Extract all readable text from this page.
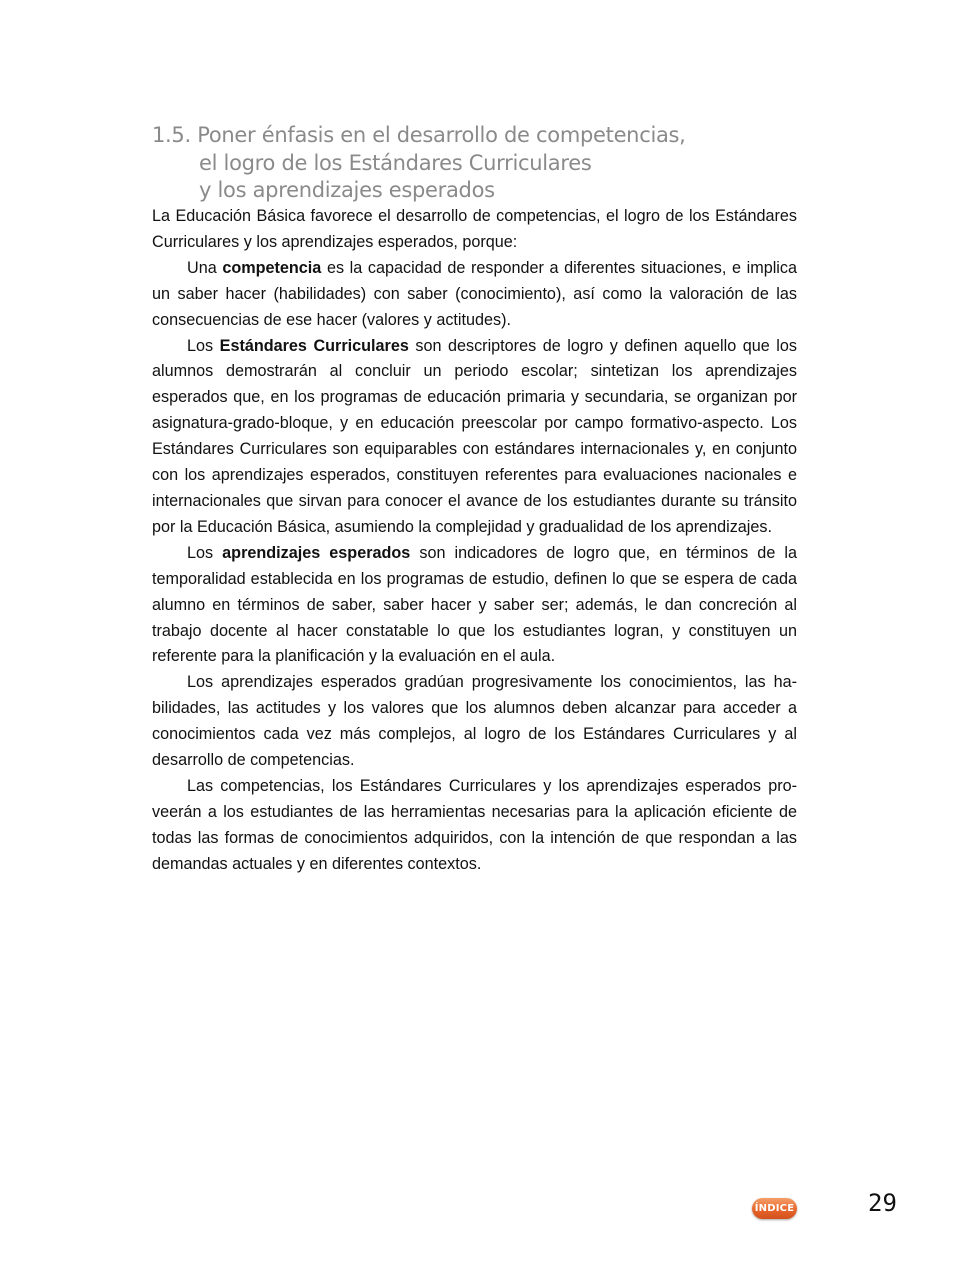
1.5. Poner énfasis en el desarrollo de competencias,
el logro de los Estándares Curriculares
y los aprendizajes esperados

La Educación Básica favorece el desarrollo de competencias, el logro de los Estándares Curriculares y los aprendizajes esperados, porque:

Una competencia es la capacidad de responder a diferentes situaciones, e implica un saber hacer (habilidades) con saber (conocimiento), así como la valoración de las consecuencias de ese hacer (valores y actitudes).

Los Estándares Curriculares son descriptores de logro y definen aquello que los alumnos demostrarán al concluir un periodo escolar; sintetizan los aprendizajes esperados que, en los programas de educación primaria y secundaria, se organizan por asignatura-grado-bloque, y en educación preescolar por campo formativo-aspecto. Los Estándares Curriculares son equiparables con estándares internacionales y, en conjunto con los aprendizajes esperados, constituyen referentes para evaluaciones nacionales e internacionales que sirvan para conocer el avance de los estudiantes durante su tránsito por la Educación Básica, asumiendo la complejidad y gradualidad de los aprendizajes.

Los aprendizajes esperados son indicadores de logro que, en términos de la temporalidad establecida en los programas de estudio, definen lo que se espera de cada alumno en términos de saber, saber hacer y saber ser; además, le dan concreción al trabajo docente al hacer constatable lo que los estudiantes logran, y constituyen un referente para la planificación y la evaluación en el aula.

Los aprendizajes esperados gradúan progresivamente los conocimientos, las habilidades, las actitudes y los valores que los alumnos deben alcanzar para acceder a conocimientos cada vez más complejos, al logro de los Estándares Curriculares y al desarrollo de competencias.

Las competencias, los Estándares Curriculares y los aprendizajes esperados proveerán a los estudiantes de las herramientas necesarias para la aplicación eficiente de todas las formas de conocimientos adquiridos, con la intención de que respondan a las demandas actuales y en diferentes contextos.

ÍNDICE	29
